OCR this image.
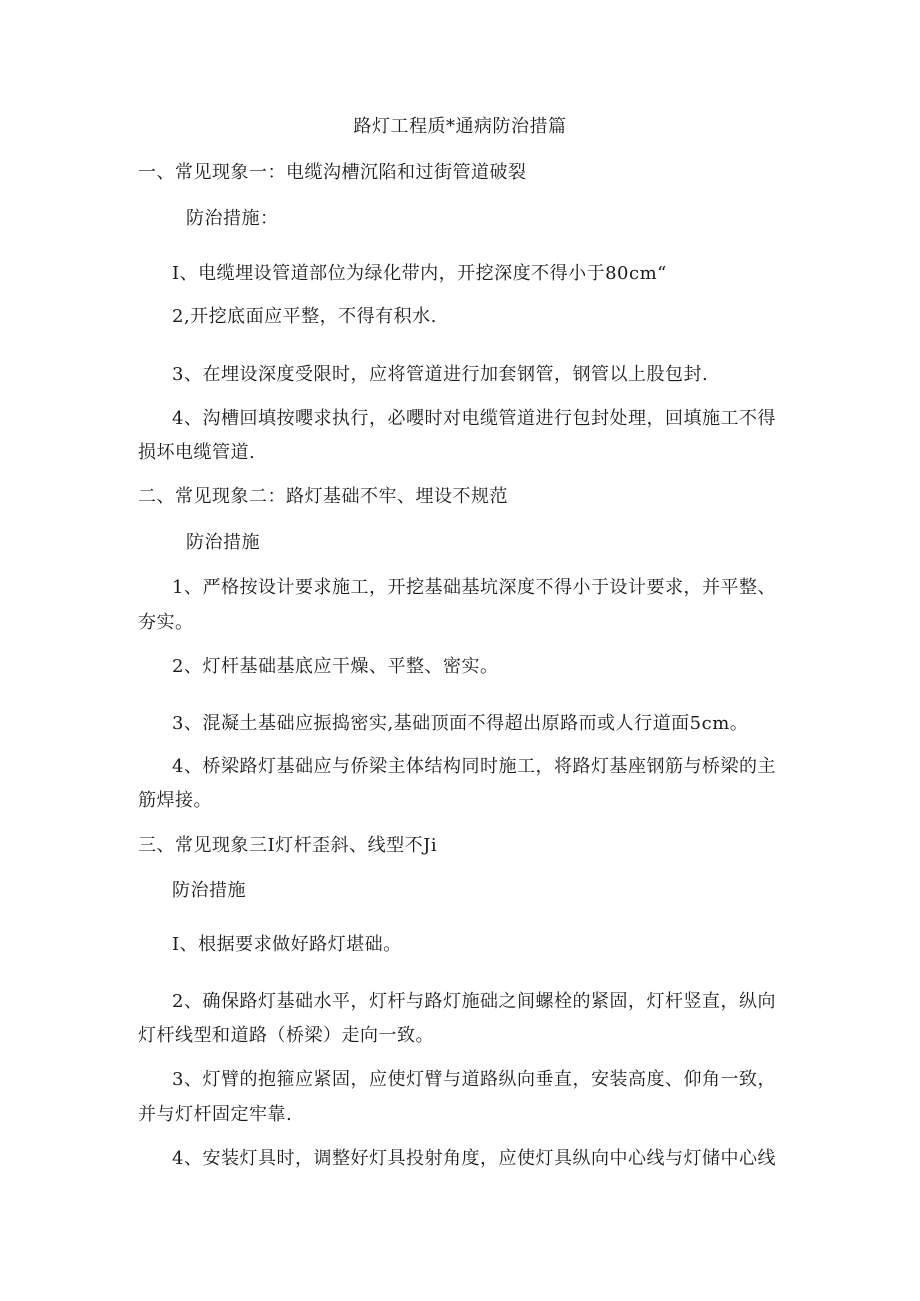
路灯工程质*通病防治措篇
一、常见现象一：电缆沟槽沉陷和过街管道破裂
防治措施：
I、电缆埋设管道部位为绿化带内，开挖深度不得小于80cm“
2,开挖底面应平整，不得有积水.
3、在埋设深度受限时，应将管道进行加套钢管，钢管以上股包封.
4、沟槽回填按嚶求执行，必嚶时对电缆管道进行包封处理，回填施工不得
损坏电缆管道.
二、常见现象二：路灯基础不牢、埋设不规范
防治措施
1、严格按设计要求施工，开挖基础基坑深度不得小于设计要求，并平整、
夯实。
2、灯杆基础基底应干燥、平整、密实。
3、混凝土基础应振捣密实,基础顶面不得超出原路而或人行道面5cm。
4、桥梁路灯基础应与侨梁主体结构同时施工，将路灯基座钢筋与桥梁的主
筋焊接。
三、常见现象三I灯杆歪斜、线型不Ji
防治措施
I、根据要求做好路灯堪础。
2、确保路灯基础水平，灯杆与路灯施础之间螺栓的紧固，灯杆竖直，纵向
灯杆线型和道路（桥梁）走向一致。
3、灯臂的抱箍应紧固，应使灯臂与道路纵向垂直，安装高度、仰角一致，
并与灯杆固定牢靠.
4、安装灯具时，调整好灯具投射角度，应使灯具纵向中心线与灯储中心线
